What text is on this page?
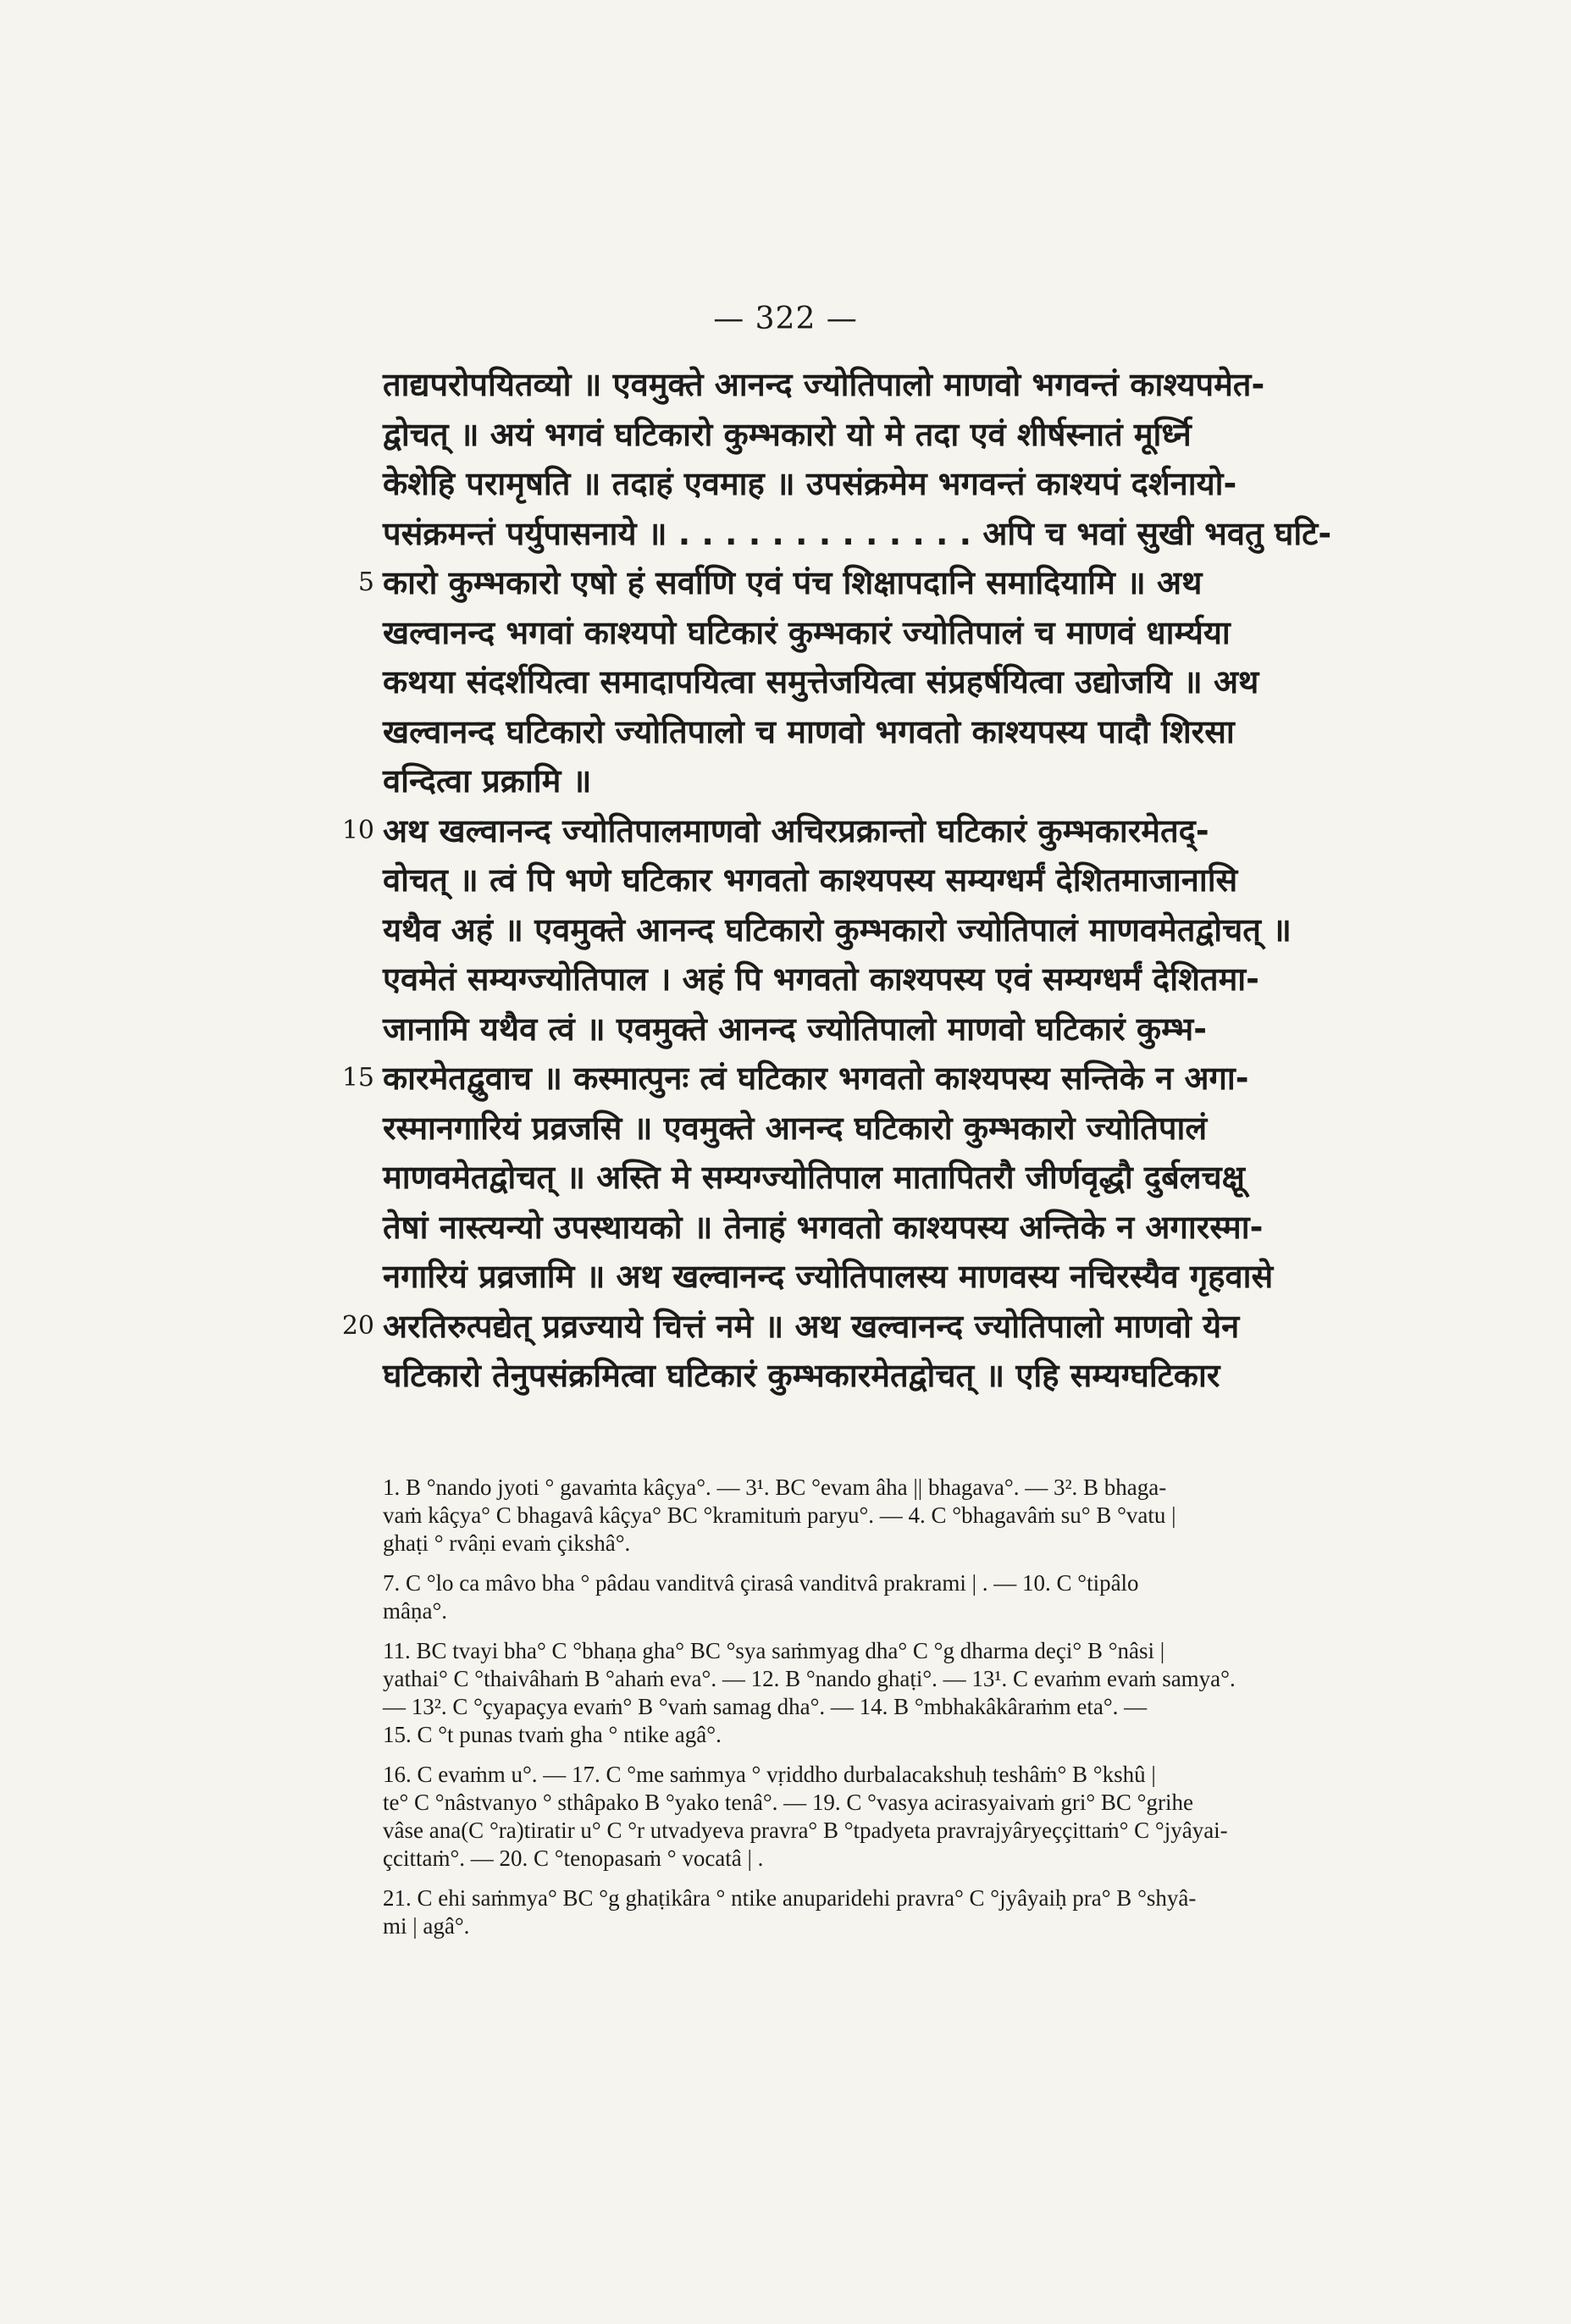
— 322 —
ताद्यपरोपयितव्यो ॥ एवमुक्ते आनन्द ज्योतिपालो माणवो भगवन्तं काश्यपमेत-
द्वोचत् ॥ अयं भगवं घटिकारो कुम्भकारो यो मे तदा एवं शीर्षस्नातं मूर्ध्नि
केशेहि परामृषति ॥ तदाहं एवमाह ॥ उपसंक्रमेम भगवन्तं काश्यपं दर्शनायो-
पसंक्रमन्तं पर्युपासनाये ॥ . . . . . . . . . . . . . अपि च भवां सुखी भवतु घटि-
5 कारो कुम्भकारो एषो हं सर्वाणि एवं पंच शिक्षापदानि समादियामि ॥ अथ
खल्वानन्द भगवां काश्यपो घटिकारं कुम्भकारं ज्योतिपालं च माणवं धार्म्यया
कथया संदर्शयित्वा समादापयित्वा समुत्तेजयित्वा संप्रहर्षयित्वा उद्योजयि ॥ अथ
खल्वानन्द घटिकारो ज्योतिपालो च माणवो भगवतो काश्यपस्य पादौ शिरसा
वन्दित्वा प्रक्रामि ॥
10 अथ खल्वानन्द ज्योतिपालमाणवो अचिरप्रक्रान्तो घटिकारं कुम्भकारमेतद्-
वोचत् ॥ त्वं पि भणे घटिकार भगवतो काश्यपस्य सम्यग्धर्मं देशितमाजानासि
यथैव अहं ॥ एवमुक्ते आनन्द घटिकारो कुम्भकारो ज्योतिपालं माणवमेतद्वोचत् ॥
एवमेतं सम्यग्ज्योतिपाल । अहं पि भगवतो काश्यपस्य एवं सम्यग्धर्मं देशितमा-
जानामि यथैव त्वं ॥ एवमुक्ते आनन्द ज्योतिपालो माणवो घटिकारं कुम्भ-
15 कारमेतद्वुवाच ॥ कस्मात्पुनः त्वं घटिकार भगवतो काश्यपस्य सन्तिके न अगा-
रस्मानगारियं प्रव्रजसि ॥ एवमुक्ते आनन्द घटिकारो कुम्भकारो ज्योतिपालं
माणवमेतद्वोचत् ॥ अस्ति मे सम्यग्ज्योतिपाल मातापितरौ जीर्णवृद्धौ दुर्बलचक्षू
तेषां नास्त्यन्यो उपस्थायको ॥ तेनाहं भगवतो काश्यपस्य अन्तिके न अगारस्मा-
नगारियं प्रव्रजामि ॥ अथ खल्वानन्द ज्योतिपालस्य माणवस्य नचिरस्यैव गृहवासे
20 अरतिरुत्पद्येत् प्रव्रज्याये चित्तं नमे ॥ अथ खल्वानन्द ज्योतिपालो माणवो येन
घटिकारो तेनुपसंक्रमित्वा घटिकारं कुम्भकारमेतद्वोचत् ॥ एहि सम्यग्घटिकार
1. B °nando jyoti ° gavaṁta kâçya°. — 3¹. BC °evam âha || bhagava°. — 3². B bhaga-
vaṁ kâçya° C bhagavâ kâçya° BC °kramituṁ paryu°. — 4. C °bhagavâṁ su° B °vatu |
ghaṭi ° rvâṇi evaṁ çikshâ°.
7. C °lo ca mâvo bha ° pâdau vanditvâ çirasâ vanditvâ prakrami | . — 10. C °tipâlo
mâṇa°.
11. BC tvayi bha° C °bhaṇa gha° BC °sya saṁmyag dha° C °g dharma deçi° B °nâsi |
yathai° C °thaivâhaṁ B °ahaṁ eva°. — 12. B °nando ghaṭi°. — 13¹. C evaṁm evaṁ samya°.
— 13². C °çyapaçya evaṁ° B °vaṁ samag dha°. — 14. B °mbhakâkâraṁm eta°. —
15. C °t punas tvaṁ gha ° ntike agâ°.
16. C evaṁm u°. — 17. C °me saṁmya ° vṛiddho durbalacakshuḥ teshâṁ° B °kshû |
te° C °nâstvanyo ° sthâpako B °yako tenâ°. — 19. C °vasya acirasyaivaṁ gri° BC °grihe
vâse ana(C °ra)tiratir u° C °r utvadyeva pravra° B °tpadyeta pravrajyâryeççittaṁ° C °jyâyai-
çcittaṁ°. — 20. C °tenopasaṁ ° vocatâ | .
21. C ehi saṁmya° BC °g ghaṭikâra ° ntike anuparidehi pravra° C °jyâyaiḥ pra° B °shyâ-
mi | agâ°.
